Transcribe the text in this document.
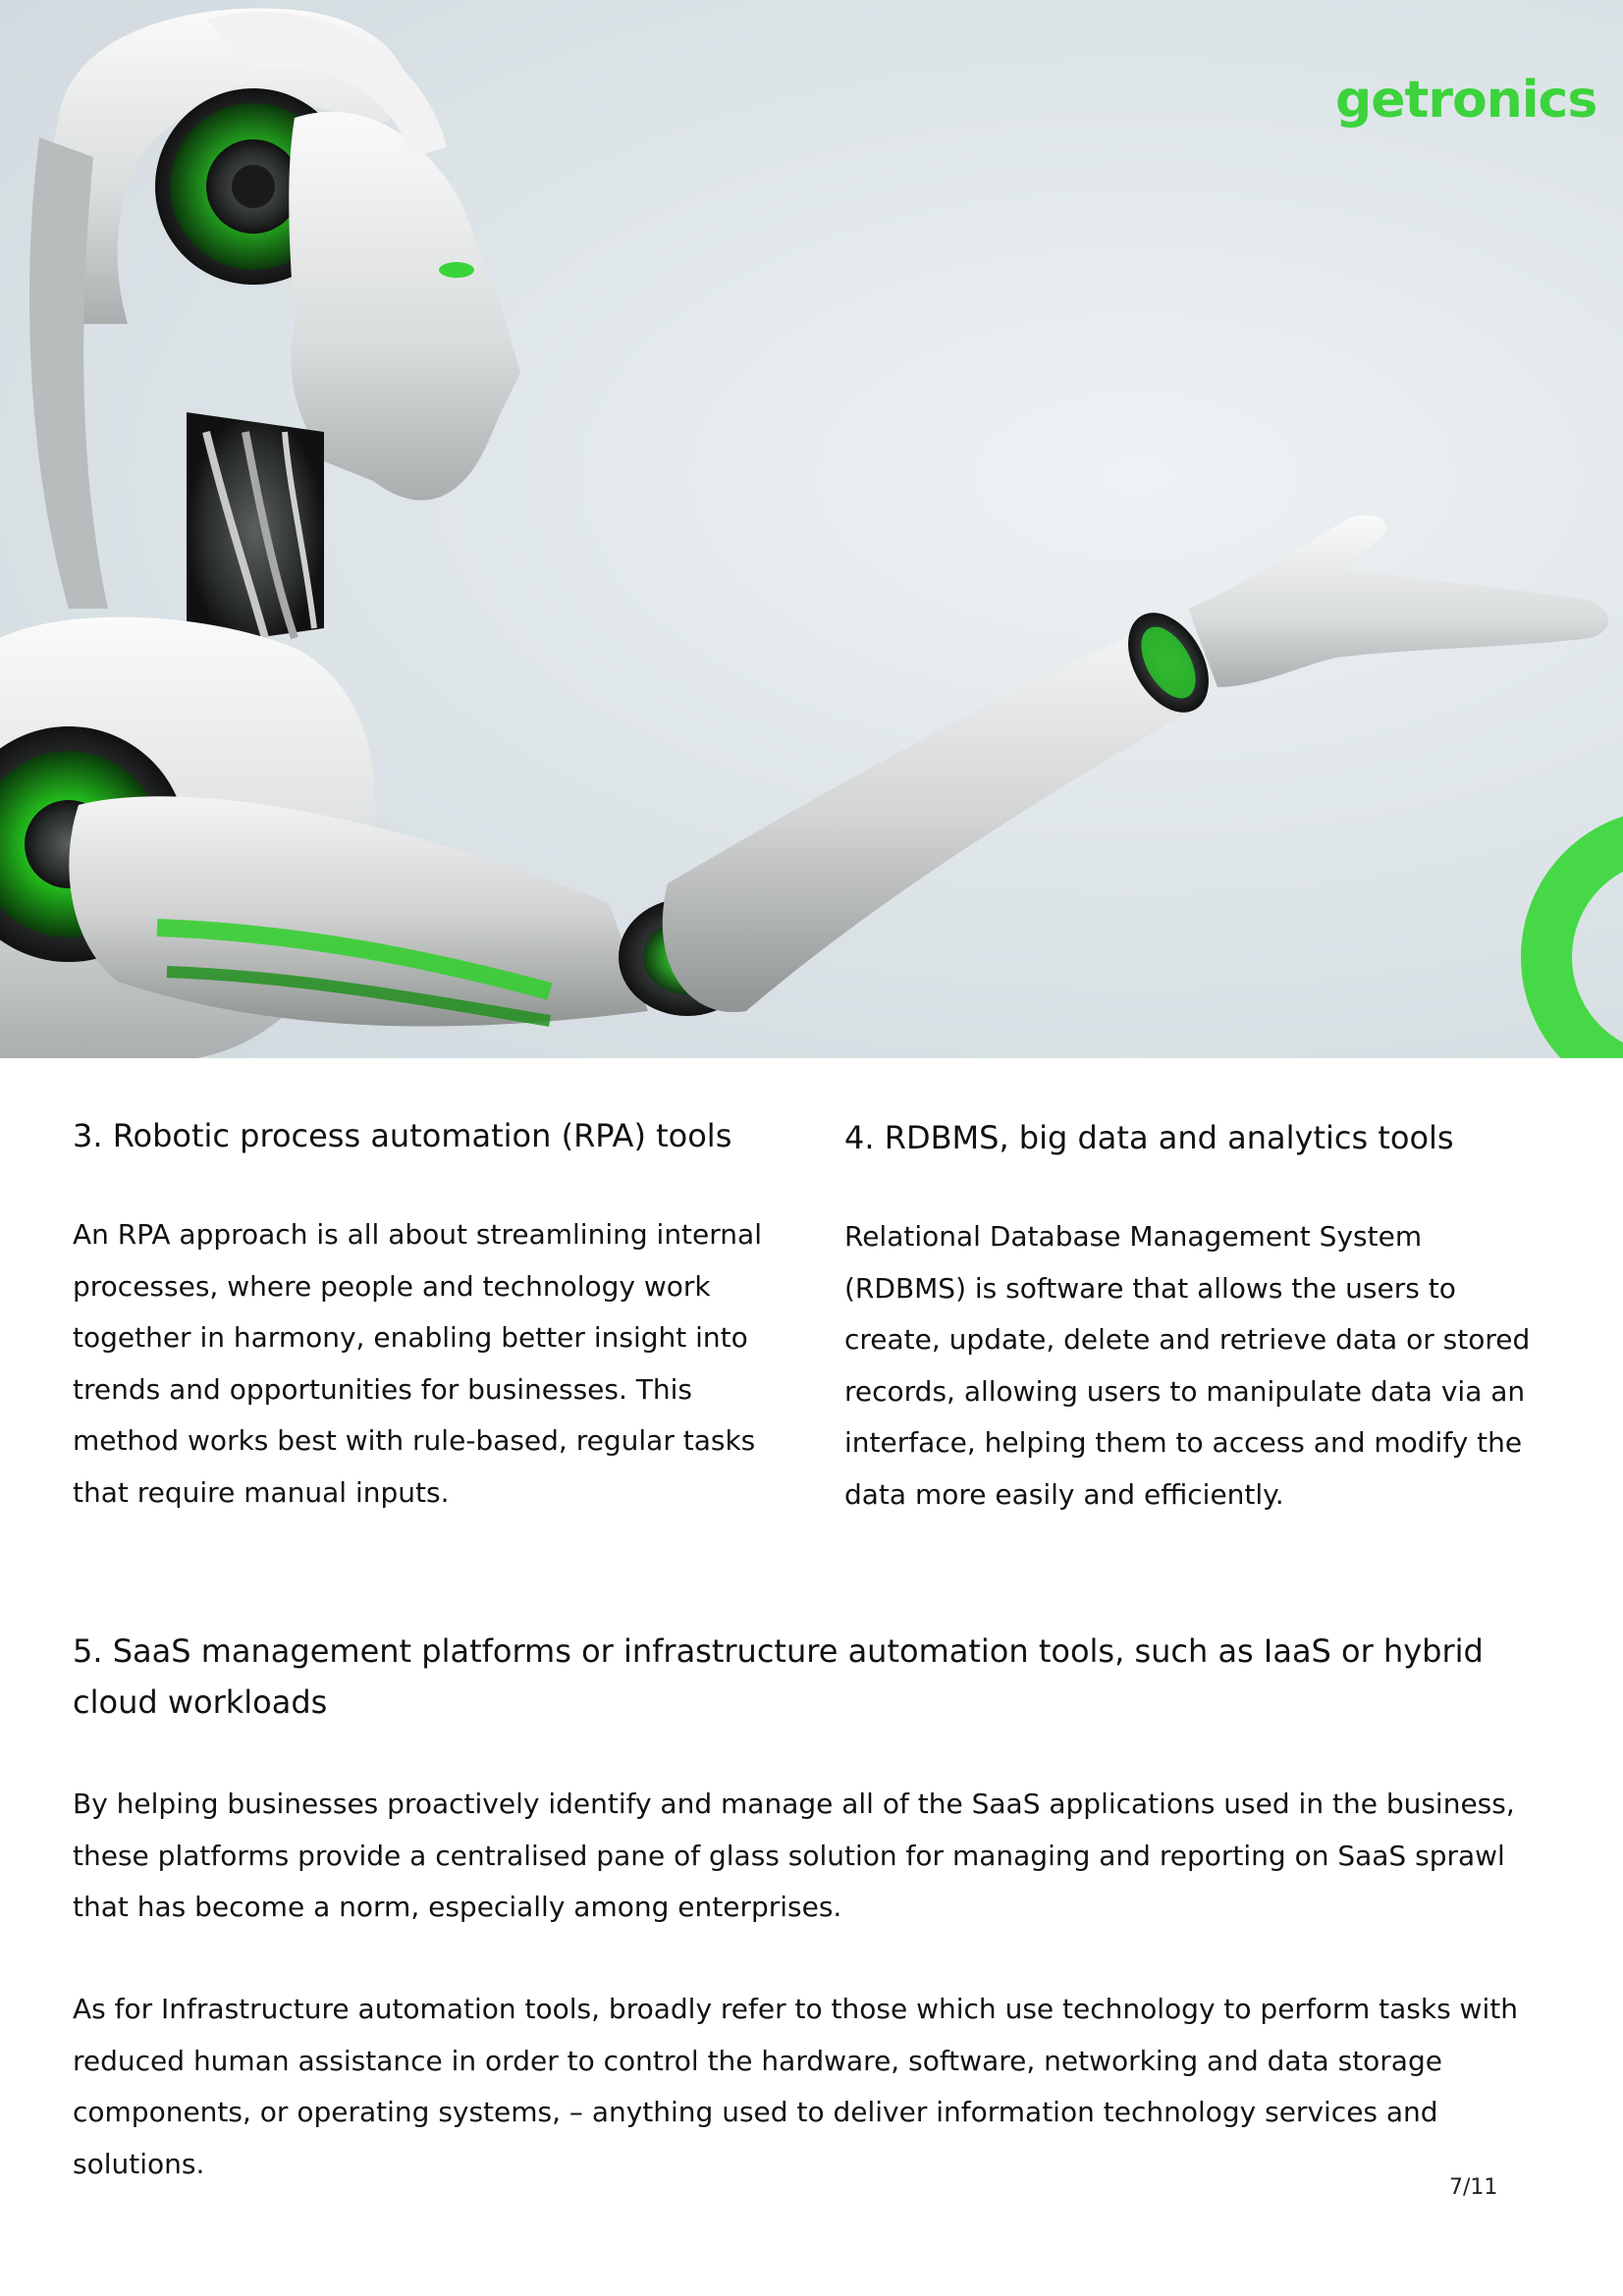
getronics
3. Robotic process automation (RPA) tools

An RPA approach is all about streamlining internal processes, where people and technology work together in harmony, enabling better insight into trends and opportunities for businesses. This method works best with rule-based, regular tasks that require manual inputs.

4. RDBMS, big data and analytics tools

Relational Database Management System (RDBMS) is software that allows the users to create, update, delete and retrieve data or stored records, allowing users to manipulate data via an interface, helping them to access and modify the data more easily and efficiently.

5. SaaS management platforms or infrastructure automation tools, such as IaaS or hybrid cloud workloads

By helping businesses proactively identify and manage all of the SaaS applications used in the business, these platforms provide a centralised pane of glass solution for managing and reporting on SaaS sprawl that has become a norm, especially among enterprises.

As for Infrastructure automation tools, broadly refer to those which use technology to perform tasks with reduced human assistance in order to control the hardware, software, networking and data storage components, or operating systems, – anything used to deliver information technology services and solutions.

7/11
